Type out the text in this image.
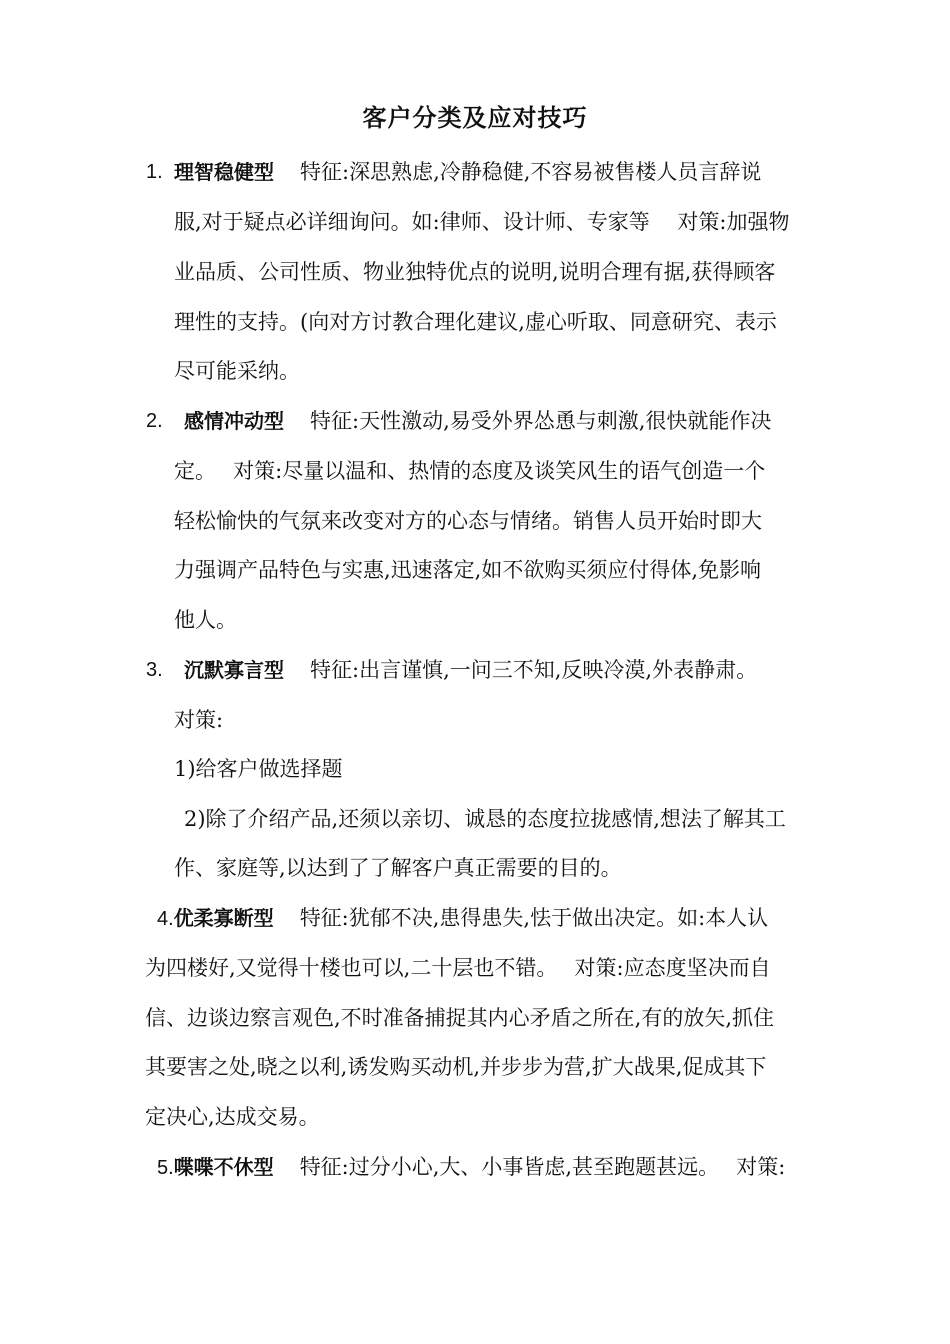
客户分类及应对技巧
1. 理智稳健型 特征:深思熟虑,冷静稳健,不容易被售楼人员言辞说
服,对于疑点必详细询问。如:律师、设计师、专家等　 对策:加强物
业品质、公司性质、物业独特优点的说明,说明合理有据,获得顾客
理性的支持。(向对方讨教合理化建议,虚心听取、同意研究、表示
尽可能采纳。
2. 感情冲动型 特征:天性激动,易受外界怂恿与刺激,很快就能作决
定。　 对策:尽量以温和、热情的态度及谈笑风生的语气创造一个
轻松愉快的气氛来改变对方的心态与情绪。销售人员开始时即大
力强调产品特色与实惠,迅速落定,如不欲购买须应付得体,免影响
他人。
3. 沉默寡言型 特征:出言谨慎,一问三不知,反映冷漠,外表静肃。
对策:
1)给客户做选择题
2)除了介绍产品,还须以亲切、诚恳的态度拉拢感情,想法了解其工
作、家庭等,以达到了了解客户真正需要的目的。
4.优柔寡断型 特征:犹郁不决,患得患失,怯于做出决定。如:本人认
为四楼好,又觉得十楼也可以,二十层也不错。　 对策:应态度坚决而自
信、边谈边察言观色,不时准备捕捉其内心矛盾之所在,有的放矢,抓住
其要害之处,晓之以利,诱发购买动机,并步步为营,扩大战果,促成其下
定决心,达成交易。
5.喋喋不休型 特征:过分小心,大、小事皆虑,甚至跑题甚远。　 对策:
